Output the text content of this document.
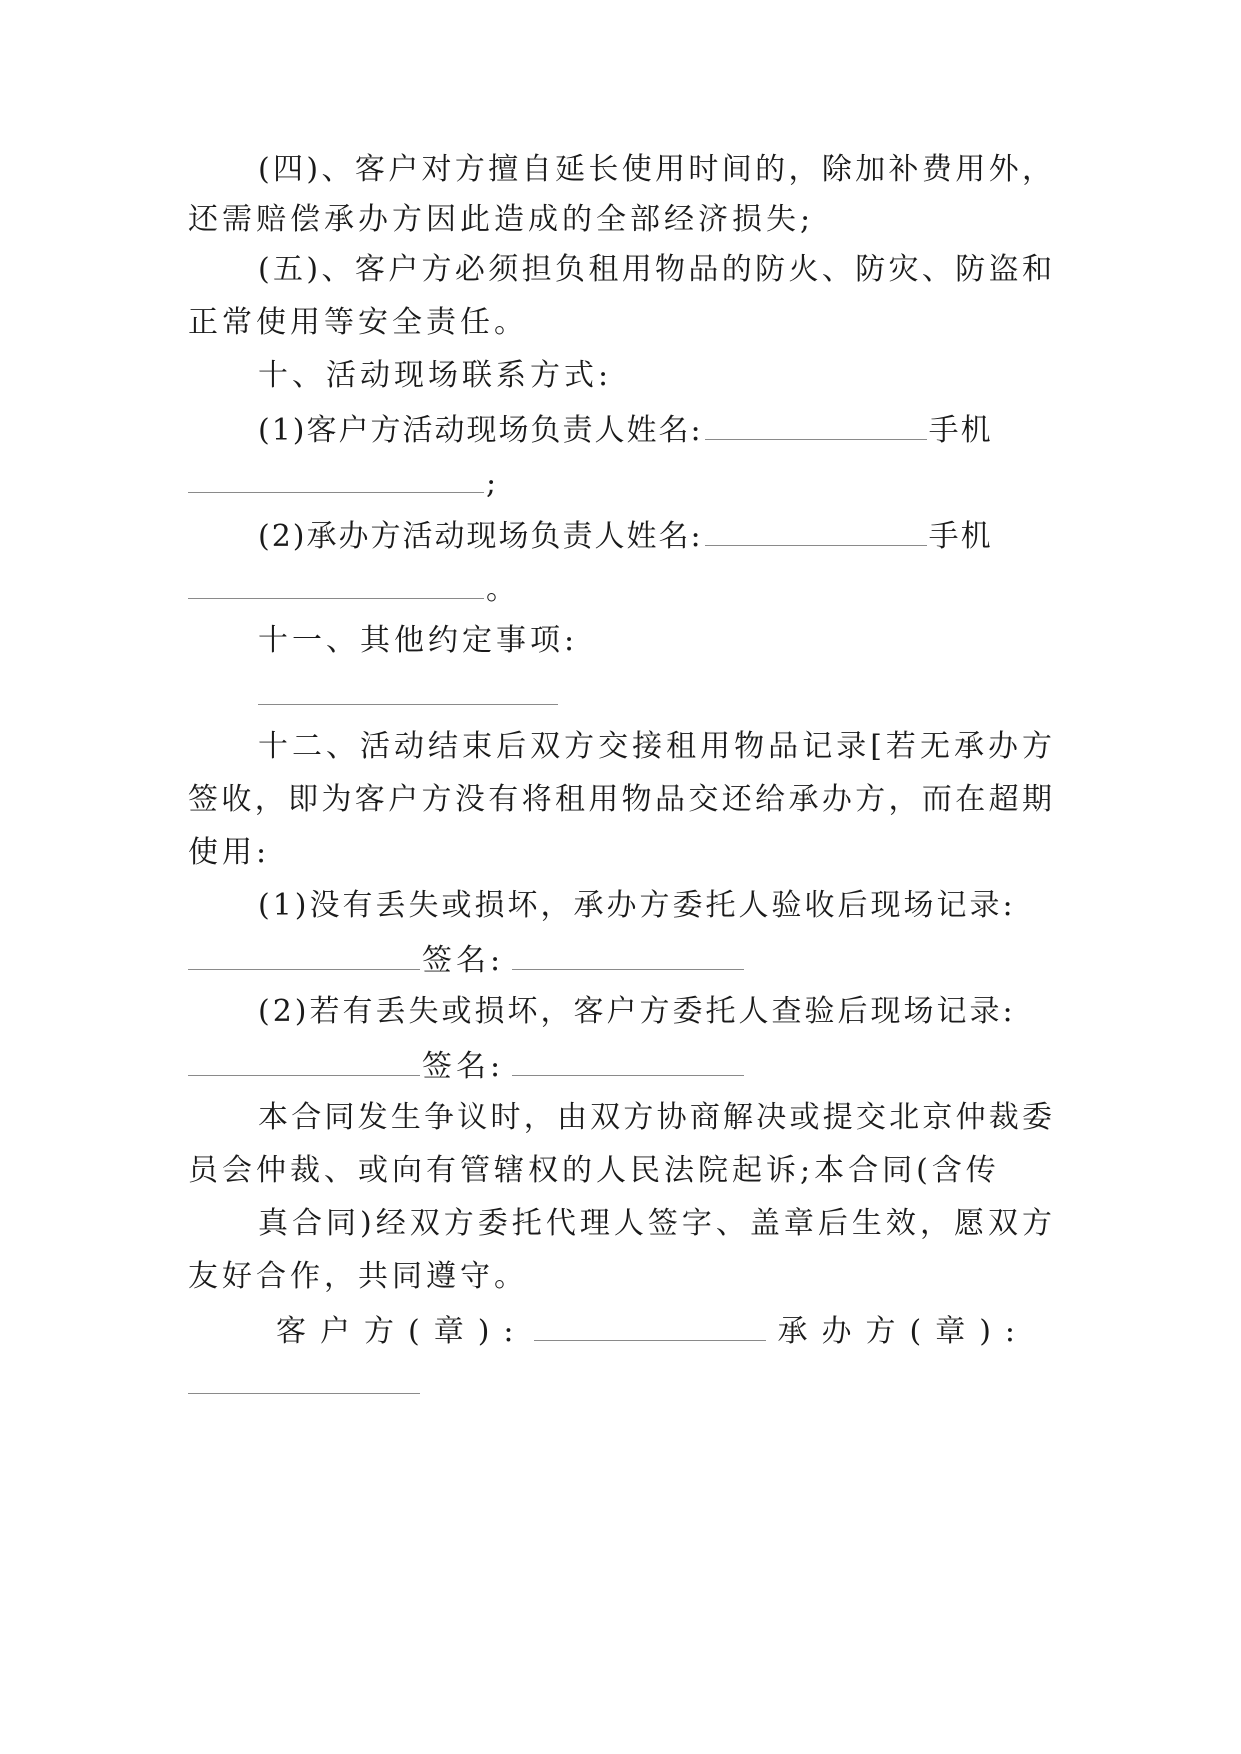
(四)、客户对方擅自延长使用时间的，除加补费用外，
还需赔偿承办方因此造成的全部经济损失;
(五)、客户方必须担负租用物品的防火、防灾、防盗和
正常使用等安全责任。
十、活动现场联系方式:
(1)客户方活动现场负责人姓名:	手机
;
(2)承办方活动现场负责人姓名:	手机
。
十一、其他约定事项:
十二、活动结束后双方交接租用物品记录[若无承办方
签收，即为客户方没有将租用物品交还给承办方，而在超期
使用:
(1)没有丢失或损坏，承办方委托人验收后现场记录:
签名:
(2)若有丢失或损坏，客户方委托人查验后现场记录:
签名:
本合同发生争议时，由双方协商解决或提交北京仲裁委
员会仲裁、或向有管辖权的人民法院起诉;本合同(含传
真合同)经双方委托代理人签字、盖章后生效，愿双方
友好合作，共同遵守。
客户方(章):	承办方(章):
